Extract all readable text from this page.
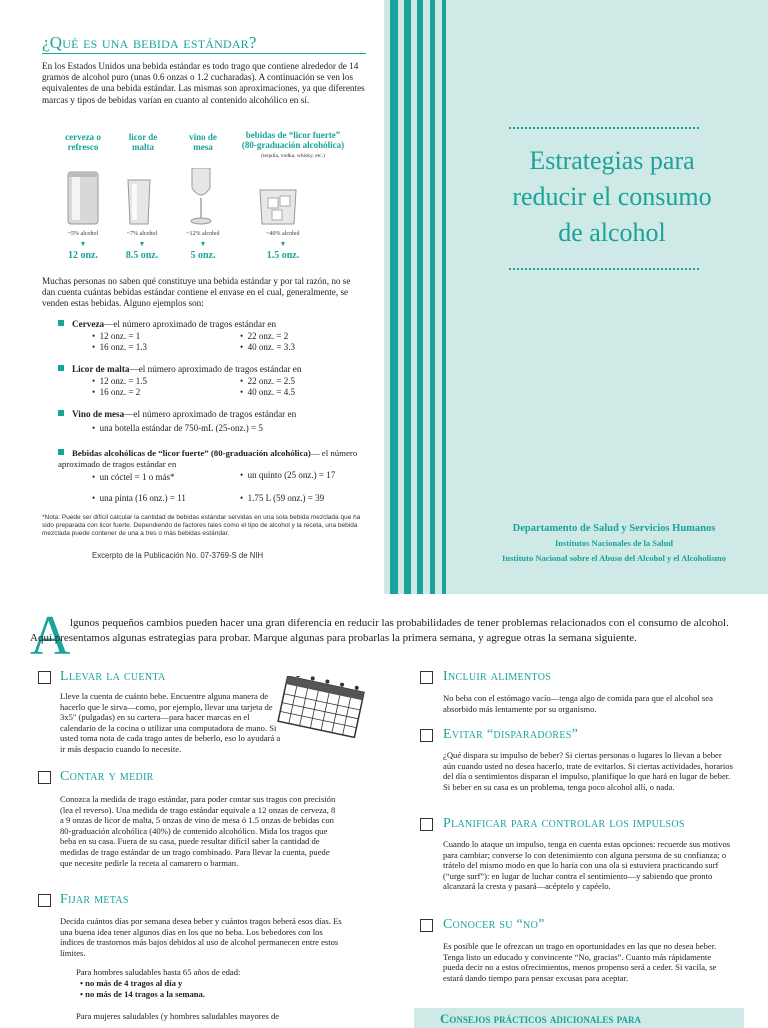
¿Qué es una bebida estándar?
En los Estados Unidos una bebida estándar es todo trago que contiene alrededor de 14 gramos de alcohol puro (unas 0.6 onzas o 1.2 cucharadas). A continuación se ven los equivalentes de una bebida estándar. Las mismas son aproximaciones, ya que diferentes marcas y tipos de bebidas varían en cuanto al contenido alcohólico en sí.
cerveza o refresco
licor de malta
vino de mesa
bebidas de “licor fuerte” (80-graduación alcohólica)
(tequila, vodka, whisky, etc.)
~5% alcohol	~7% alcohol	~12% alcohol	~40% alcohol
▼	▼	▼	▼
12 onz.	8.5 onz.	5 onz.	1.5 onz.
Muchas personas no saben qué constituye una bebida estándar y por tal razón, no se dan cuenta cuántas bebidas estándar contiene el envase en el cual, generalmente, se venden estas bebidas. Alguno ejemplos son:
Cerveza—el número aproximado de tragos estándar en
•  12 onz. = 1	•  22 onz. = 2
•  16 onz. = 1.3	•  40 onz. = 3.3
Licor de malta—el número aproximado de tragos estándar en
•  12 onz. = 1.5	•  22 onz. = 2.5
•  16 onz. = 2	•  40 onz. = 4.5
Vino de mesa—el número aproximado de tragos estándar en
•  una botella estándar de 750-mL (25-onz.) = 5
Bebidas alcohólicas de “licor fuerte” (80-graduación alcohólica)— el número aproximado de tragos estándar en
•  un cóctel = 1 o más*	•  un quinto (25 onz.) = 17
•  una pinta (16 onz.) = 11	•  1.75 L (59 onz.) = 39
*Nota: Puede ser difícil calcular la cantidad de bebidas estándar servidas en una sola bebida mezclada que ha sido preparada con licor fuerte. Dependiendo de factores tales como el tipo de alcohol y la receta, una bebida mezclada puede contener de una a tres o más bebidas estándar.
Excerpto de la Publicación No. 07-3769-S de NIH
Estrategias para
reducir el consumo
de alcohol
Departamento de Salud y Servicios Humanos
Institutos Nacionales de la Salud
Instituto Nacional sobre el Abuso del Alcohol y el Alcoholismo
A lgunos pequeños cambios pueden hacer una gran diferencia en reducir las probabilidades de tener problemas relacionados con el consumo de alcohol. Aquí presentamos algunas estrategias para probar. Marque algunas para probarlas la primera semana, y agregue otras la semana siguiente.
Llevar la cuenta
Lleve la cuenta de cuánto bebe. Encuentre alguna manera de hacerlo que le sirva—como, por ejemplo, llevar una tarjeta de 3x5" (pulgadas) en su cartera—para hacer marcas en el calendario de la cocina o utilizar una computadora de mano. Si usted toma nota de cada trago antes de beberlo, eso lo ayudará a ir más despacio cuando lo necesite.
Contar y medir
Conozca la medida de trago estándar, para poder contar sus tragos con precisión (lea el reverso). Una medida de trago estándar equivale a 12 onzas de cerveza, 8 a 9 onzas de licor de malta, 5 onzas de vino de mesa ó 1.5 onzas de bebidas con 80-graduación alcohólica (40%) de contenido alcohólico. Mida los tragos que beba en su casa. Fuera de su casa, puede resultar difícil saber la cantidad de medidas de trago estándar de un trago combinado. Para llevar la cuenta, puede que necesite pedirle la receta al camarero o barman.
Fijar metas
Decida cuántos días por semana desea beber y cuántos tragos beberá esos días. Es una buena idea tener algunos días en los que no beba. Los bebedores con los índices de trastornos más bajos debidos al uso de alcohol permanecen entre estos límites.
Para hombres saludables hasta 65 años de edad:
• no más de 4 tragos al día y
• no más de 14 tragos a la semana.
Para mujeres saludables (y hombres saludables mayores de
Incluir alimentos
No beba con el estómago vacío—tenga algo de comida para que el alcohol sea absorbido más lentamente por su organismo.
Evitar “disparadores”
¿Qué dispara su impulso de beber? Si ciertas personas o lugares lo llevan a beber aún cuando usted no desea hacerlo, trate de evitarlos. Si ciertas actividades, horarios del día o sentimientos disparan el impulso, planifique lo que hará en lugar de beber. Si beber en su casa es un problema, tenga poco alcohol allí, o nada.
Planificar para controlar los impulsos
Cuando lo ataque un impulso, tenga en cuenta estas opciones: recuerde sus motivos para cambiar; converse lo con detenimiento con alguna persona de su confianza; o trátelo del mismo modo en que lo haría con una ola si estuviera practicando surf (“urge surf”): en lugar de luchar contra el sentimiento—y sabiendo que pronto alcanzará la cresta y pasará—acéptelo y capéelo.
Conocer su “no”
Es posible que le ofrezcan un trago en oportunidades en las que no desea beber. Tenga listo un educado y convincente “No, gracias”. Cuanto más rápidamente pueda decir no a estos ofrecimientos, menos propenso será a ceder. Si vacila, se estará dando tiempo para pensar excusas para aceptar.
Consejos prácticos adicionales para
